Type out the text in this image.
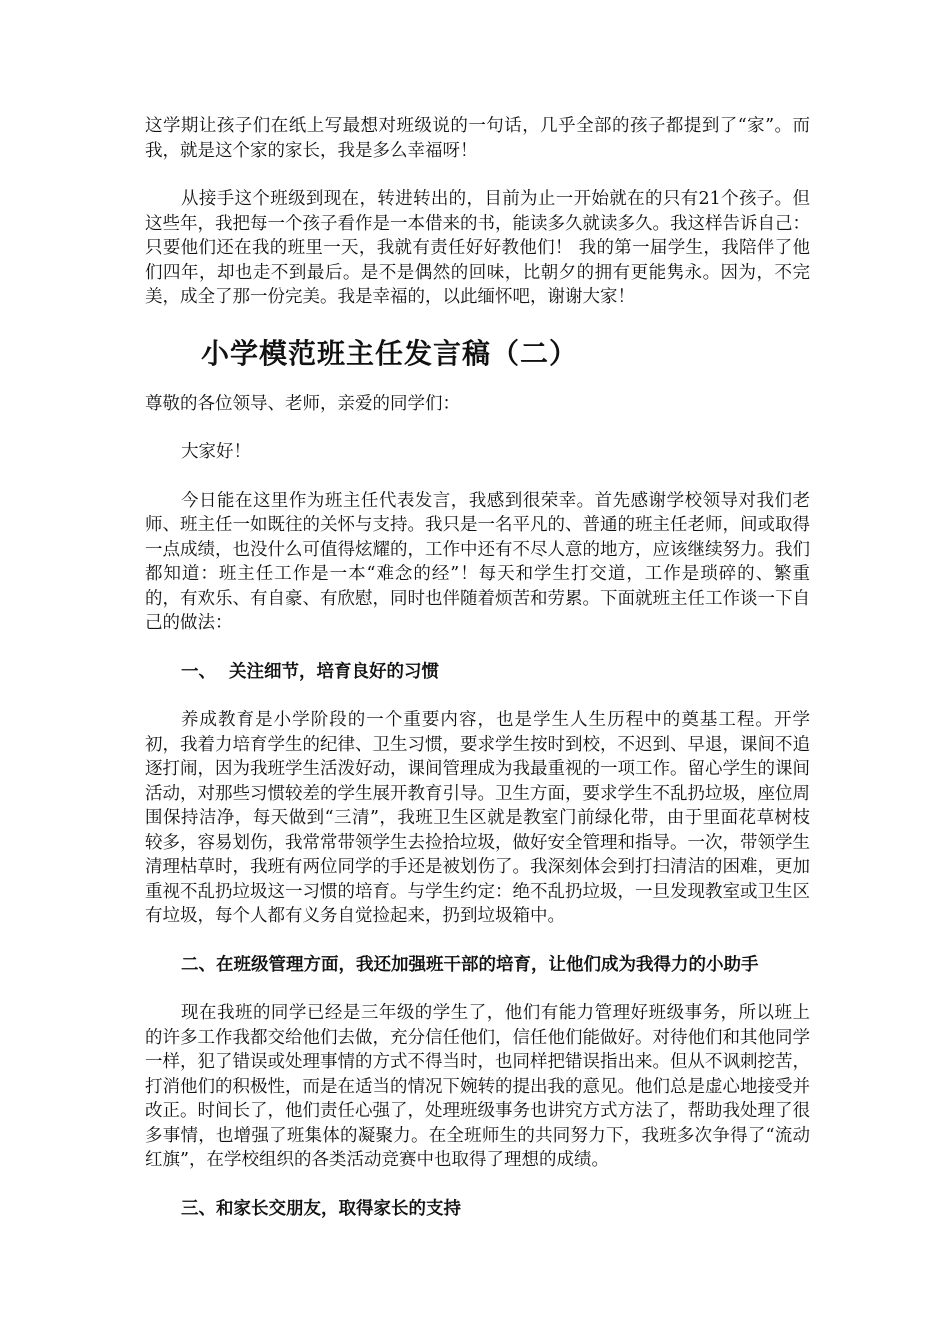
这学期让孩子们在纸上写最想对班级说的一句话，几乎全部的孩子都提到了“家”。而我，就是这个家的家长，我是多么幸福呀！

从接手这个班级到现在，转进转出的，目前为止一开始就在的只有21个孩子。但这些年，我把每一个孩子看作是一本借来的书，能读多久就读多久。我这样告诉自己：只要他们还在我的班里一天，我就有责任好好教他们！ 我的第一届学生，我陪伴了他们四年，却也走不到最后。是不是偶然的回味，比朝夕的拥有更能隽永。因为，不完美，成全了那一份完美。我是幸福的，以此缅怀吧，谢谢大家！

小学模范班主任发言稿（二）

尊敬的各位领导、老师，亲爱的同学们：

大家好！

今日能在这里作为班主任代表发言，我感到很荣幸。首先感谢学校领导对我们老师、班主任一如既往的关怀与支持。我只是一名平凡的、普通的班主任老师，间或取得一点成绩，也没什么可值得炫耀的，工作中还有不尽人意的地方，应该继续努力。我们都知道：班主任工作是一本“难念的经”！每天和学生打交道，工作是琐碎的、繁重的，有欢乐、有自豪、有欣慰，同时也伴随着烦苦和劳累。下面就班主任工作谈一下自己的做法：

一、 关注细节，培育良好的习惯

养成教育是小学阶段的一个重要内容，也是学生人生历程中的奠基工程。开学初，我着力培育学生的纪律、卫生习惯，要求学生按时到校，不迟到、早退，课间不追逐打闹，因为我班学生活泼好动，课间管理成为我最重视的一项工作。留心学生的课间活动，对那些习惯较差的学生展开教育引导。卫生方面，要求学生不乱扔垃圾，座位周围保持洁净，每天做到“三清”，我班卫生区就是教室门前绿化带，由于里面花草树枝较多，容易划伤，我常常带领学生去捡拾垃圾，做好安全管理和指导。一次，带领学生清理枯草时，我班有两位同学的手还是被划伤了。我深刻体会到打扫清洁的困难，更加重视不乱扔垃圾这一习惯的培育。与学生约定：绝不乱扔垃圾，一旦发现教室或卫生区有垃圾，每个人都有义务自觉捡起来，扔到垃圾箱中。

二、在班级管理方面，我还加强班干部的培育，让他们成为我得力的小助手

现在我班的同学已经是三年级的学生了，他们有能力管理好班级事务，所以班上的许多工作我都交给他们去做，充分信任他们，信任他们能做好。对待他们和其他同学一样，犯了错误或处理事情的方式不得当时，也同样把错误指出来。但从不讽刺挖苦，打消他们的积极性，而是在适当的情况下婉转的提出我的意见。他们总是虚心地接受并改正。时间长了，他们责任心强了，处理班级事务也讲究方式方法了，帮助我处理了很多事情，也增强了班集体的凝聚力。在全班师生的共同努力下，我班多次争得了“流动红旗”，在学校组织的各类活动竞赛中也取得了理想的成绩。

三、和家长交朋友，取得家长的支持
